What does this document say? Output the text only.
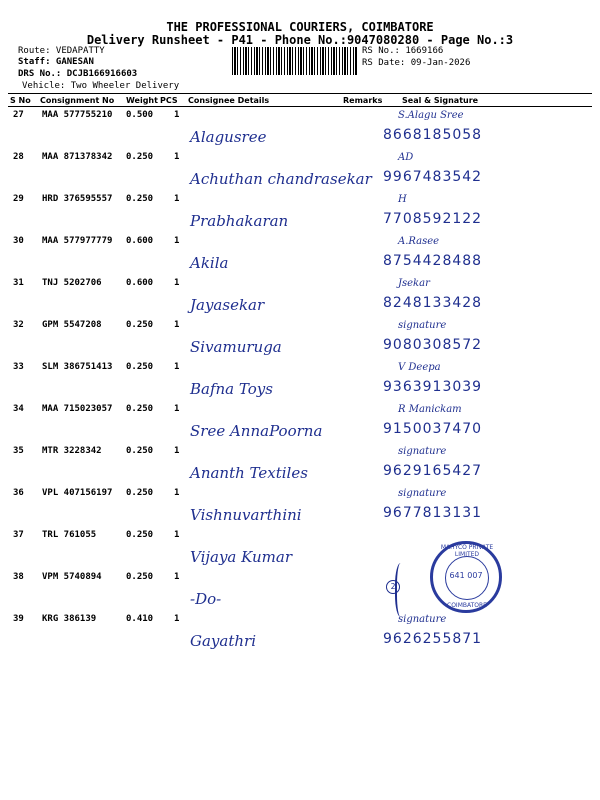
THE PROFESSIONAL COURIERS, COIMBATORE
Delivery Runsheet - P41 - Phone No.:9047080280 - Page No.:3
Route: VEDAPATTY
Staff: GANESAN
DRS No.: DCJB166916603
Vehicle: Two Wheeler Delivery
RS No.: 1669166
RS Date: 09-Jan-2026
S No Consignment No Weight PCS Consignee Details	Remarks Seal & Signature
27 MAA 577755210 0.500 1
Alagusree	8668185058
S.Alagu Sree
28 MAA 871378342 0.250 1
Achuthan chandrasekar 9967483542
AD
29 HRD 376595557 0.250 1
Prabhakaran	7708592122
H
30 MAA 577977779 0.600 1
Akila	8754428488
A.Rasee
31 TNJ 5202706	0.600 1
Jayasekar	8248133428
Jsekar
32 GPM 5547208	0.250 1
Sivamuruga	9080308572
signature
33 SLM 386751413 0.250 1
Bafna Toys	9363913039
V Deepa
34 MAA 715023057 0.250 1
Sree AnnaPoorna	9150037470
R Manickam
35 MTR 3228342	0.250 1
Ananth Textiles	9629165427
signature
36 VPL 407156197 0.250 1
Vishnuvarthini	9677813131
signature
37 TRL 761055	0.250 1
Vijaya Kumar
38 VPM 5740894	0.250 1
-Do-
39 KRG 386139	0.410 1
Gayathri	9626255871
signature
MAHYCO PRIVATE LIMITED
641 007
COIMBATORE
2
